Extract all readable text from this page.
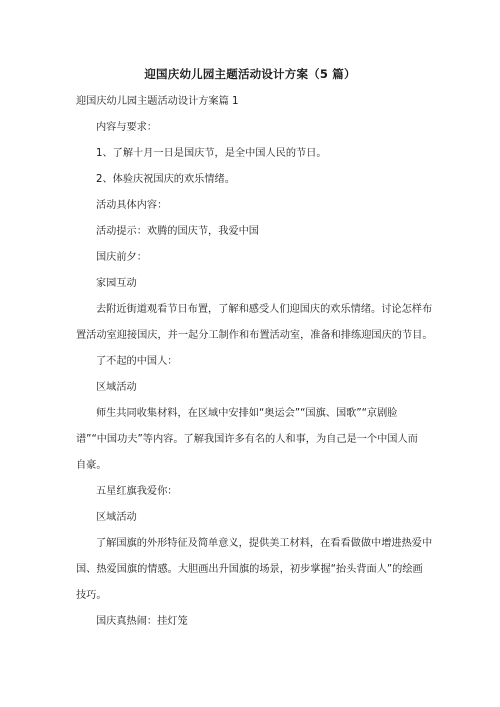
迎国庆幼儿园主题活动设计方案（5 篇）
迎国庆幼儿园主题活动设计方案篇 1
内容与要求：
1、了解十月一日是国庆节，是全中国人民的节日。
2、体验庆祝国庆的欢乐情绪。
活动具体内容：
活动提示：欢腾的国庆节，我爱中国
国庆前夕：
家园互动
去附近街道观看节日布置，了解和感受人们迎国庆的欢乐情绪。讨论怎样布
置活动室迎接国庆，并一起分工制作和布置活动室，准备和排练迎国庆的节目。
了不起的中国人：
区域活动
师生共同收集材料，在区域中安排如“奥运会”“国旗、国歌”“京剧脸
谱”“中国功夫”等内容。了解我国许多有名的人和事，为自己是一个中国人而
自豪。
五星红旗我爱你：
区域活动
了解国旗的外形特征及简单意义，提供美工材料，在看看做做中增进热爱中
国、热爱国旗的情感。大胆画出升国旗的场景，初步掌握“抬头背面人”的绘画
技巧。
国庆真热闹：挂灯笼
